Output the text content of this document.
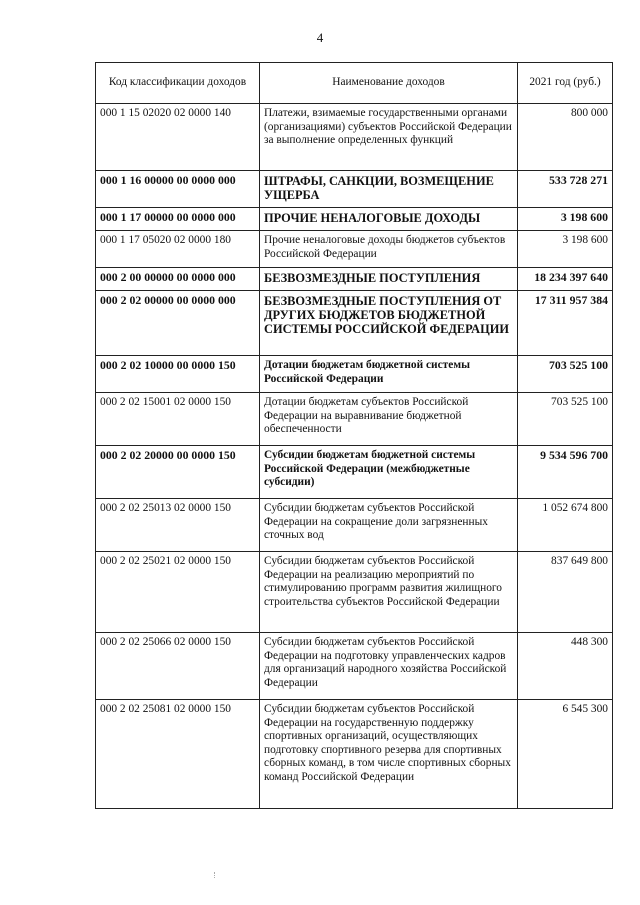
4
Код классификации доходов	Наименование доходов	2021 год (руб.)
000 1 15 02020 02 0000 140	Платежи, взимаемые государственными органами (организациями) субъектов Российской Федерации за выполнение определенных функций	800 000
000 1 16 00000 00 0000 000	ШТРАФЫ, САНКЦИИ, ВОЗМЕЩЕНИЕ УЩЕРБА	533 728 271
000 1 17 00000 00 0000 000	ПРОЧИЕ НЕНАЛОГОВЫЕ ДОХОДЫ	3 198 600
000 1 17 05020 02 0000 180	Прочие неналоговые доходы бюджетов субъектов Российской Федерации	3 198 600
000 2 00 00000 00 0000 000	БЕЗВОЗМЕЗДНЫЕ ПОСТУПЛЕНИЯ	18 234 397 640
000 2 02 00000 00 0000 000	БЕЗВОЗМЕЗДНЫЕ ПОСТУПЛЕНИЯ ОТ ДРУГИХ БЮДЖЕТОВ БЮДЖЕТНОЙ СИСТЕМЫ РОССИЙСКОЙ ФЕДЕРАЦИИ	17 311 957 384
000 2 02 10000 00 0000 150	Дотации бюджетам бюджетной системы Российской Федерации	703 525 100
000 2 02 15001 02 0000 150	Дотации бюджетам субъектов Российской Федерации на выравнивание бюджетной обеспеченности	703 525 100
000 2 02 20000 00 0000 150	Субсидии бюджетам бюджетной системы Российской Федерации (межбюджетные субсидии)	9 534 596 700
000 2 02 25013 02 0000 150	Субсидии бюджетам субъектов Российской Федерации на сокращение доли загрязненных сточных вод	1 052 674 800
000 2 02 25021 02 0000 150	Субсидии бюджетам субъектов Российской Федерации на реализацию мероприятий по стимулированию программ развития жилищного строительства субъектов Российской Федерации	837 649 800
000 2 02 25066 02 0000 150	Субсидии бюджетам субъектов Российской Федерации на подготовку управленческих кадров для организаций народного хозяйства Российской Федерации	448 300
000 2 02 25081 02 0000 150	Субсидии бюджетам субъектов Российской Федерации на государственную поддержку спортивных организаций, осуществляющих подготовку спортивного резерва для спортивных сборных команд, в том числе спортивных сборных команд Российской Федерации	6 545 300
